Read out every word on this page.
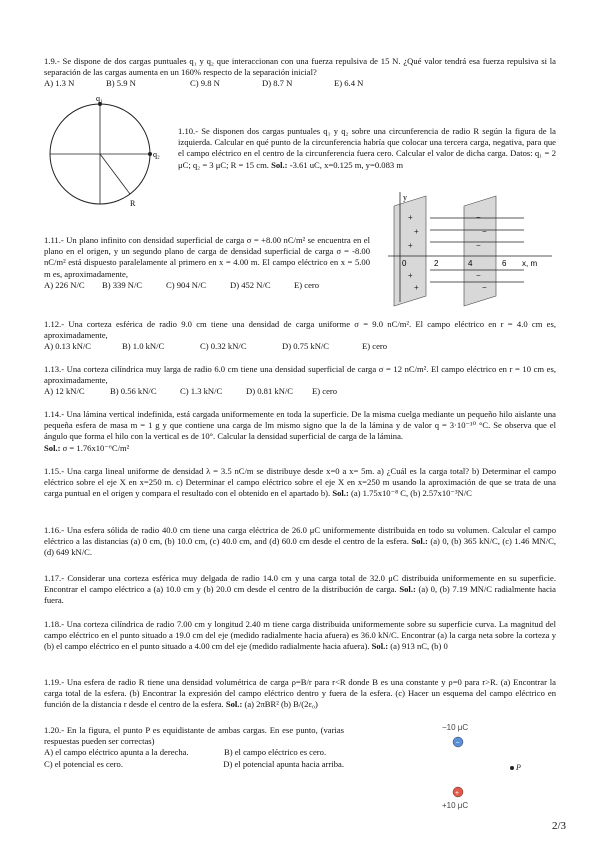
1.9.- Se dispone de dos cargas puntuales q₁ y q₂ que interaccionan con una fuerza repulsiva de 15 N. ¿Qué valor tendrá esa fuerza repulsiva si la separación de las cargas aumenta en un 160% respecto de la separación inicial?
A) 1.3 N	B) 5.9 N	C) 9.8 N	D) 8.7 N	E) 6.4 N
q₁
q₂
R
1.10.- Se disponen dos cargas puntuales q₁ y q₂ sobre una circunferencia de radio R según la figura de la izquierda. Calcular en qué punto de la circunferencia habría que colocar una tercera carga, negativa, para que el campo eléctrico en el centro de la circunferencia fuera cero. Calcular el valor de dicha carga. Datos: q₁ = 2 μC; q₂ = 3 μC; R = 15 cm. Sol.: -3.61 uC, x=0.125 m, y=0.083 m
+
+
+
+
+
−
−
−
−
−
y
0	2	4	6 x, m
1.11.- Un plano infinito con densidad superficial de carga σ = +8.00 nC/m² se encuentra en el plano en el origen, y un segundo plano de carga de densidad superficial de carga σ = -8.00 nC/m² está dispuesto paralelamente al primero en x = 4.00 m. El campo eléctrico en x = 5.00 m es, aproximadamente,
A) 226 N/C	B) 339 N/C	C) 904 N/C	D) 452 N/C	E) cero
1.12.- Una corteza esférica de radio 9.0 cm tiene una densidad de carga uniforme σ = 9.0 nC/m². El campo eléctrico en r = 4.0 cm es, aproximadamente,
A) 0.13 kN/C	B) 1.0 kN/C	C) 0.32 kN/C	D) 0.75 kN/C	E) cero
1.13.- Una corteza cilíndrica muy larga de radio 6.0 cm tiene una densidad superficial de carga σ = 12 nC/m². El campo eléctrico en r = 10 cm es, aproximadamente,
A) 12 kN/C	B) 0.56 kN/C	C) 1.3 kN/C	D) 0.81 kN/C	E) cero
1.14.- Una lámina vertical indefinida, está cargada uniformemente en toda la superficie. De la misma cuelga mediante un pequeño hilo aislante una pequeña esfera de masa m = 1 g y que contiene una carga de lm mismo signo que la de la lámina y de valor q = 3·10⁻¹⁰ °C. Se observa que el ángulo que forma el hilo con la vertical es de 10°. Calcular la densidad superficial de carga de la lámina.
Sol.: σ = 1.76x10⁻⁶C/m²
1.15.- Una carga lineal uniforme de densidad λ = 3.5 nC/m se distribuye desde x=0 a x= 5m. a) ¿Cuál es la carga total? b) Determinar el campo eléctrico sobre el eje X en x=250 m. c) Determinar el campo eléctrico sobre el eje X en x=250 m usando la aproximación de que se trata de una carga puntual en el origen y compara el resultado con el obtenido en el apartado b). Sol.: (a) 1.75x10⁻⁸ C, (b) 2.57x10⁻³N/C
1.16.- Una esfera sólida de radio 40.0 cm tiene una carga eléctrica de 26.0 μC uniformemente distribuida en todo su volumen. Calcular el campo eléctrico a las distancias (a) 0 cm, (b) 10.0 cm, (c) 40.0 cm, and (d) 60.0 cm desde el centro de la esfera. Sol.: (a) 0, (b) 365 kN/C, (c) 1.46 MN/C, (d) 649 kN/C.
1.17.- Considerar una corteza esférica muy delgada de radio 14.0 cm y una carga total de 32.0 μC distribuida uniformemente en su superficie. Encontrar el campo eléctrico a (a) 10.0 cm y (b) 20.0 cm desde el centro de la distribución de carga. Sol.: (a) 0, (b) 7.19 MN/C radialmente hacia fuera.
1.18.- Una corteza cilíndrica de radio 7.00 cm y longitud 2.40 m tiene carga distribuida uniformemente sobre su superficie curva. La magnitud del campo eléctrico en el punto situado a 19.0 cm del eje (medido radialmente hacia afuera) es 36.0 kN/C. Encontrar (a) la carga neta sobre la corteza y (b) el campo eléctrico en el punto situado a 4.00 cm del eje (medido radialmente hacia afuera). Sol.: (a) 913 nC, (b) 0
1.19.- Una esfera de radio R tiene una densidad volumétrica de carga ρ=B/r para r<R donde B es una constante y ρ=0 para r>R. (a) Encontrar la carga total de la esfera. (b) Encontrar la expresión del campo eléctrico dentro y fuera de la esfera. (c) Hacer un esquema del campo eléctrico en función de la distancia r desde el centro de la esfera. Sol.: (a) 2πBR² (b) B/(2ε₀)
1.20.- En la figura, el punto P es equidistante de ambas cargas. En ese punto, (varias respuestas pueden ser correctas)
A) el campo eléctrico apunta a la derecha.	B) el campo eléctrico es cero.
C) el potencial es cero.	D) el potencial apunta hacia arriba.
−10 μC
−
P
+
+10 μC
2/3
